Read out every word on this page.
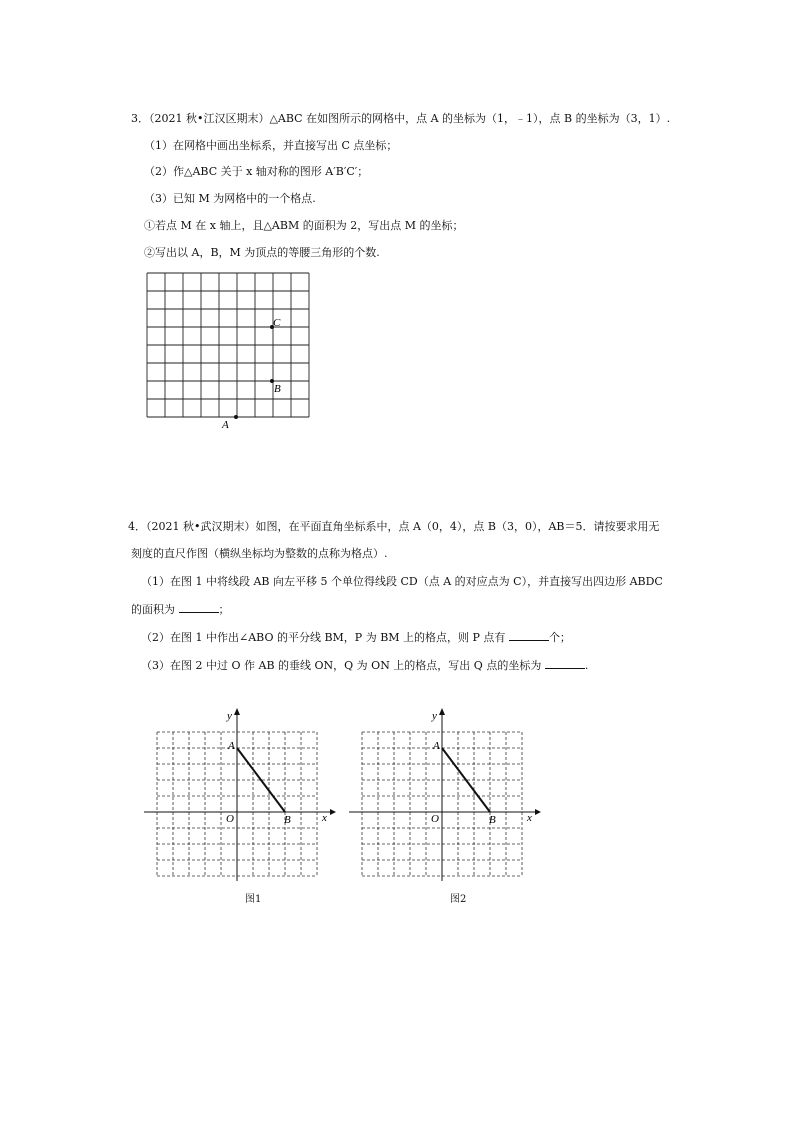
3．（2021 秋•江汉区期末）△ABC 在如图所示的网格中，点 A 的坐标为（1，﹣1），点 B 的坐标为（3，1）.
（1）在网格中画出坐标系，并直接写出 C 点坐标；
（2）作△ABC 关于 x 轴对称的图形 A′B′C′；
（3）已知 M 为网格中的一个格点.
①若点 M 在 x 轴上，且△ABM 的面积为 2，写出点 M 的坐标；
②写出以 A，B，M 为顶点的等腰三角形的个数.
C
B
A
4．（2021 秋•武汉期末）如图，在平面直角坐标系中，点 A（0，4），点 B（3，0），AB＝5．请按要求用无
刻度的直尺作图（横纵坐标均为整数的点称为格点）.
（1）在图 1 中将线段 AB 向左平移 5 个单位得线段 CD（点 A 的对应点为 C），并直接写出四边形 ABDC
的面积为	；
（2）在图 1 中作出∠ABO 的平分线 BM，P 为 BM 上的格点，则 P 点有	个；
（3）在图 2 中过 O 作 AB 的垂线 ON，Q 为 ON 上的格点，写出 Q 点的坐标为	.
y
x
O
A
B
图1
y
x
O
A
B
图2
